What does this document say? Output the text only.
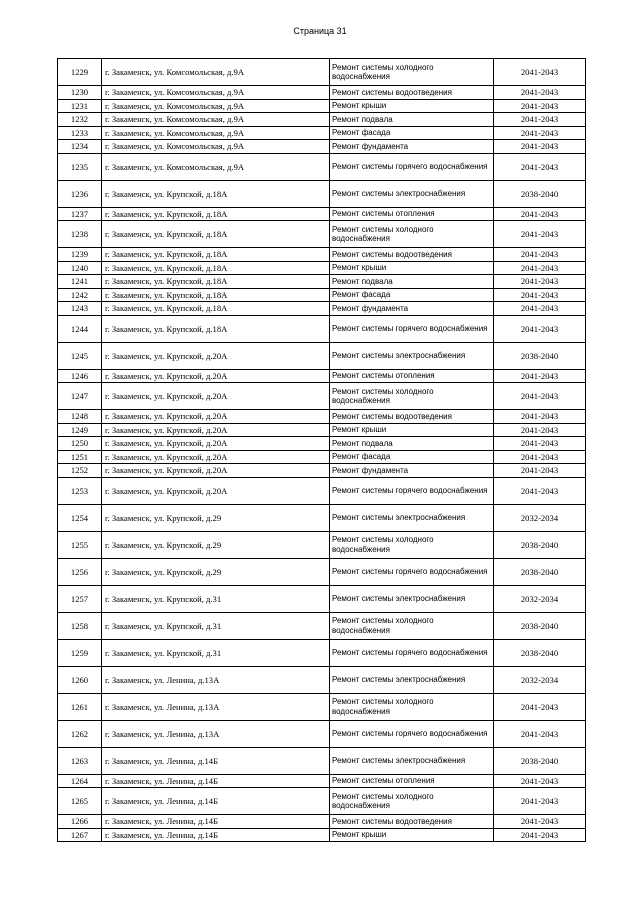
Страница 31
1229	г. Закаменск, ул. Комсомольская, д.9А	Ремонт системы холодного водоснабжения	2041-2043
1230	г. Закаменск, ул. Комсомольская, д.9А	Ремонт системы водоотведения	2041-2043
1231	г. Закаменск, ул. Комсомольская, д.9А	Ремонт крыши	2041-2043
1232	г. Закаменск, ул. Комсомольская, д.9А	Ремонт подвала	2041-2043
1233	г. Закаменск, ул. Комсомольская, д.9А	Ремонт фасада	2041-2043
1234	г. Закаменск, ул. Комсомольская, д.9А	Ремонт фундамента	2041-2043
1235	г. Закаменск, ул. Комсомольская, д.9А	Ремонт системы горячего водоснабжения	2041-2043
1236	г. Закаменск, ул. Крупской, д.18А	Ремонт системы электроснабжения	2038-2040
1237	г. Закаменск, ул. Крупской, д.18А	Ремонт системы отопления	2041-2043
1238	г. Закаменск, ул. Крупской, д.18А	Ремонт системы холодного водоснабжения	2041-2043
1239	г. Закаменск, ул. Крупской, д.18А	Ремонт системы водоотведения	2041-2043
1240	г. Закаменск, ул. Крупской, д.18А	Ремонт крыши	2041-2043
1241	г. Закаменск, ул. Крупской, д.18А	Ремонт подвала	2041-2043
1242	г. Закаменск, ул. Крупской, д.18А	Ремонт фасада	2041-2043
1243	г. Закаменск, ул. Крупской, д.18А	Ремонт фундамента	2041-2043
1244	г. Закаменск, ул. Крупской, д.18А	Ремонт системы горячего водоснабжения	2041-2043
1245	г. Закаменск, ул. Крупской, д.20А	Ремонт системы электроснабжения	2038-2040
1246	г. Закаменск, ул. Крупской, д.20А	Ремонт системы отопления	2041-2043
1247	г. Закаменск, ул. Крупской, д.20А	Ремонт системы холодного водоснабжения	2041-2043
1248	г. Закаменск, ул. Крупской, д.20А	Ремонт системы водоотведения	2041-2043
1249	г. Закаменск, ул. Крупской, д.20А	Ремонт крыши	2041-2043
1250	г. Закаменск, ул. Крупской, д.20А	Ремонт подвала	2041-2043
1251	г. Закаменск, ул. Крупской, д.20А	Ремонт фасада	2041-2043
1252	г. Закаменск, ул. Крупской, д.20А	Ремонт фундамента	2041-2043
1253	г. Закаменск, ул. Крупской, д.20А	Ремонт системы горячего водоснабжения	2041-2043
1254	г. Закаменск, ул. Крупской, д.29	Ремонт системы электроснабжения	2032-2034
1255	г. Закаменск, ул. Крупской, д.29	Ремонт системы холодного водоснабжения	2038-2040
1256	г. Закаменск, ул. Крупской, д.29	Ремонт системы горячего водоснабжения	2038-2040
1257	г. Закаменск, ул. Крупской, д.31	Ремонт системы электроснабжения	2032-2034
1258	г. Закаменск, ул. Крупской, д.31	Ремонт системы холодного водоснабжения	2038-2040
1259	г. Закаменск, ул. Крупской, д.31	Ремонт системы горячего водоснабжения	2038-2040
1260	г. Закаменск, ул. Ленина, д.13А	Ремонт системы электроснабжения	2032-2034
1261	г. Закаменск, ул. Ленина, д.13А	Ремонт системы холодного водоснабжения	2041-2043
1262	г. Закаменск, ул. Ленина, д.13А	Ремонт системы горячего водоснабжения	2041-2043
1263	г. Закаменск, ул. Ленина, д.14Б	Ремонт системы электроснабжения	2038-2040
1264	г. Закаменск, ул. Ленина, д.14Б	Ремонт системы отопления	2041-2043
1265	г. Закаменск, ул. Ленина, д.14Б	Ремонт системы холодного водоснабжения	2041-2043
1266	г. Закаменск, ул. Ленина, д.14Б	Ремонт системы водоотведения	2041-2043
1267	г. Закаменск, ул. Ленина, д.14Б	Ремонт крыши	2041-2043
